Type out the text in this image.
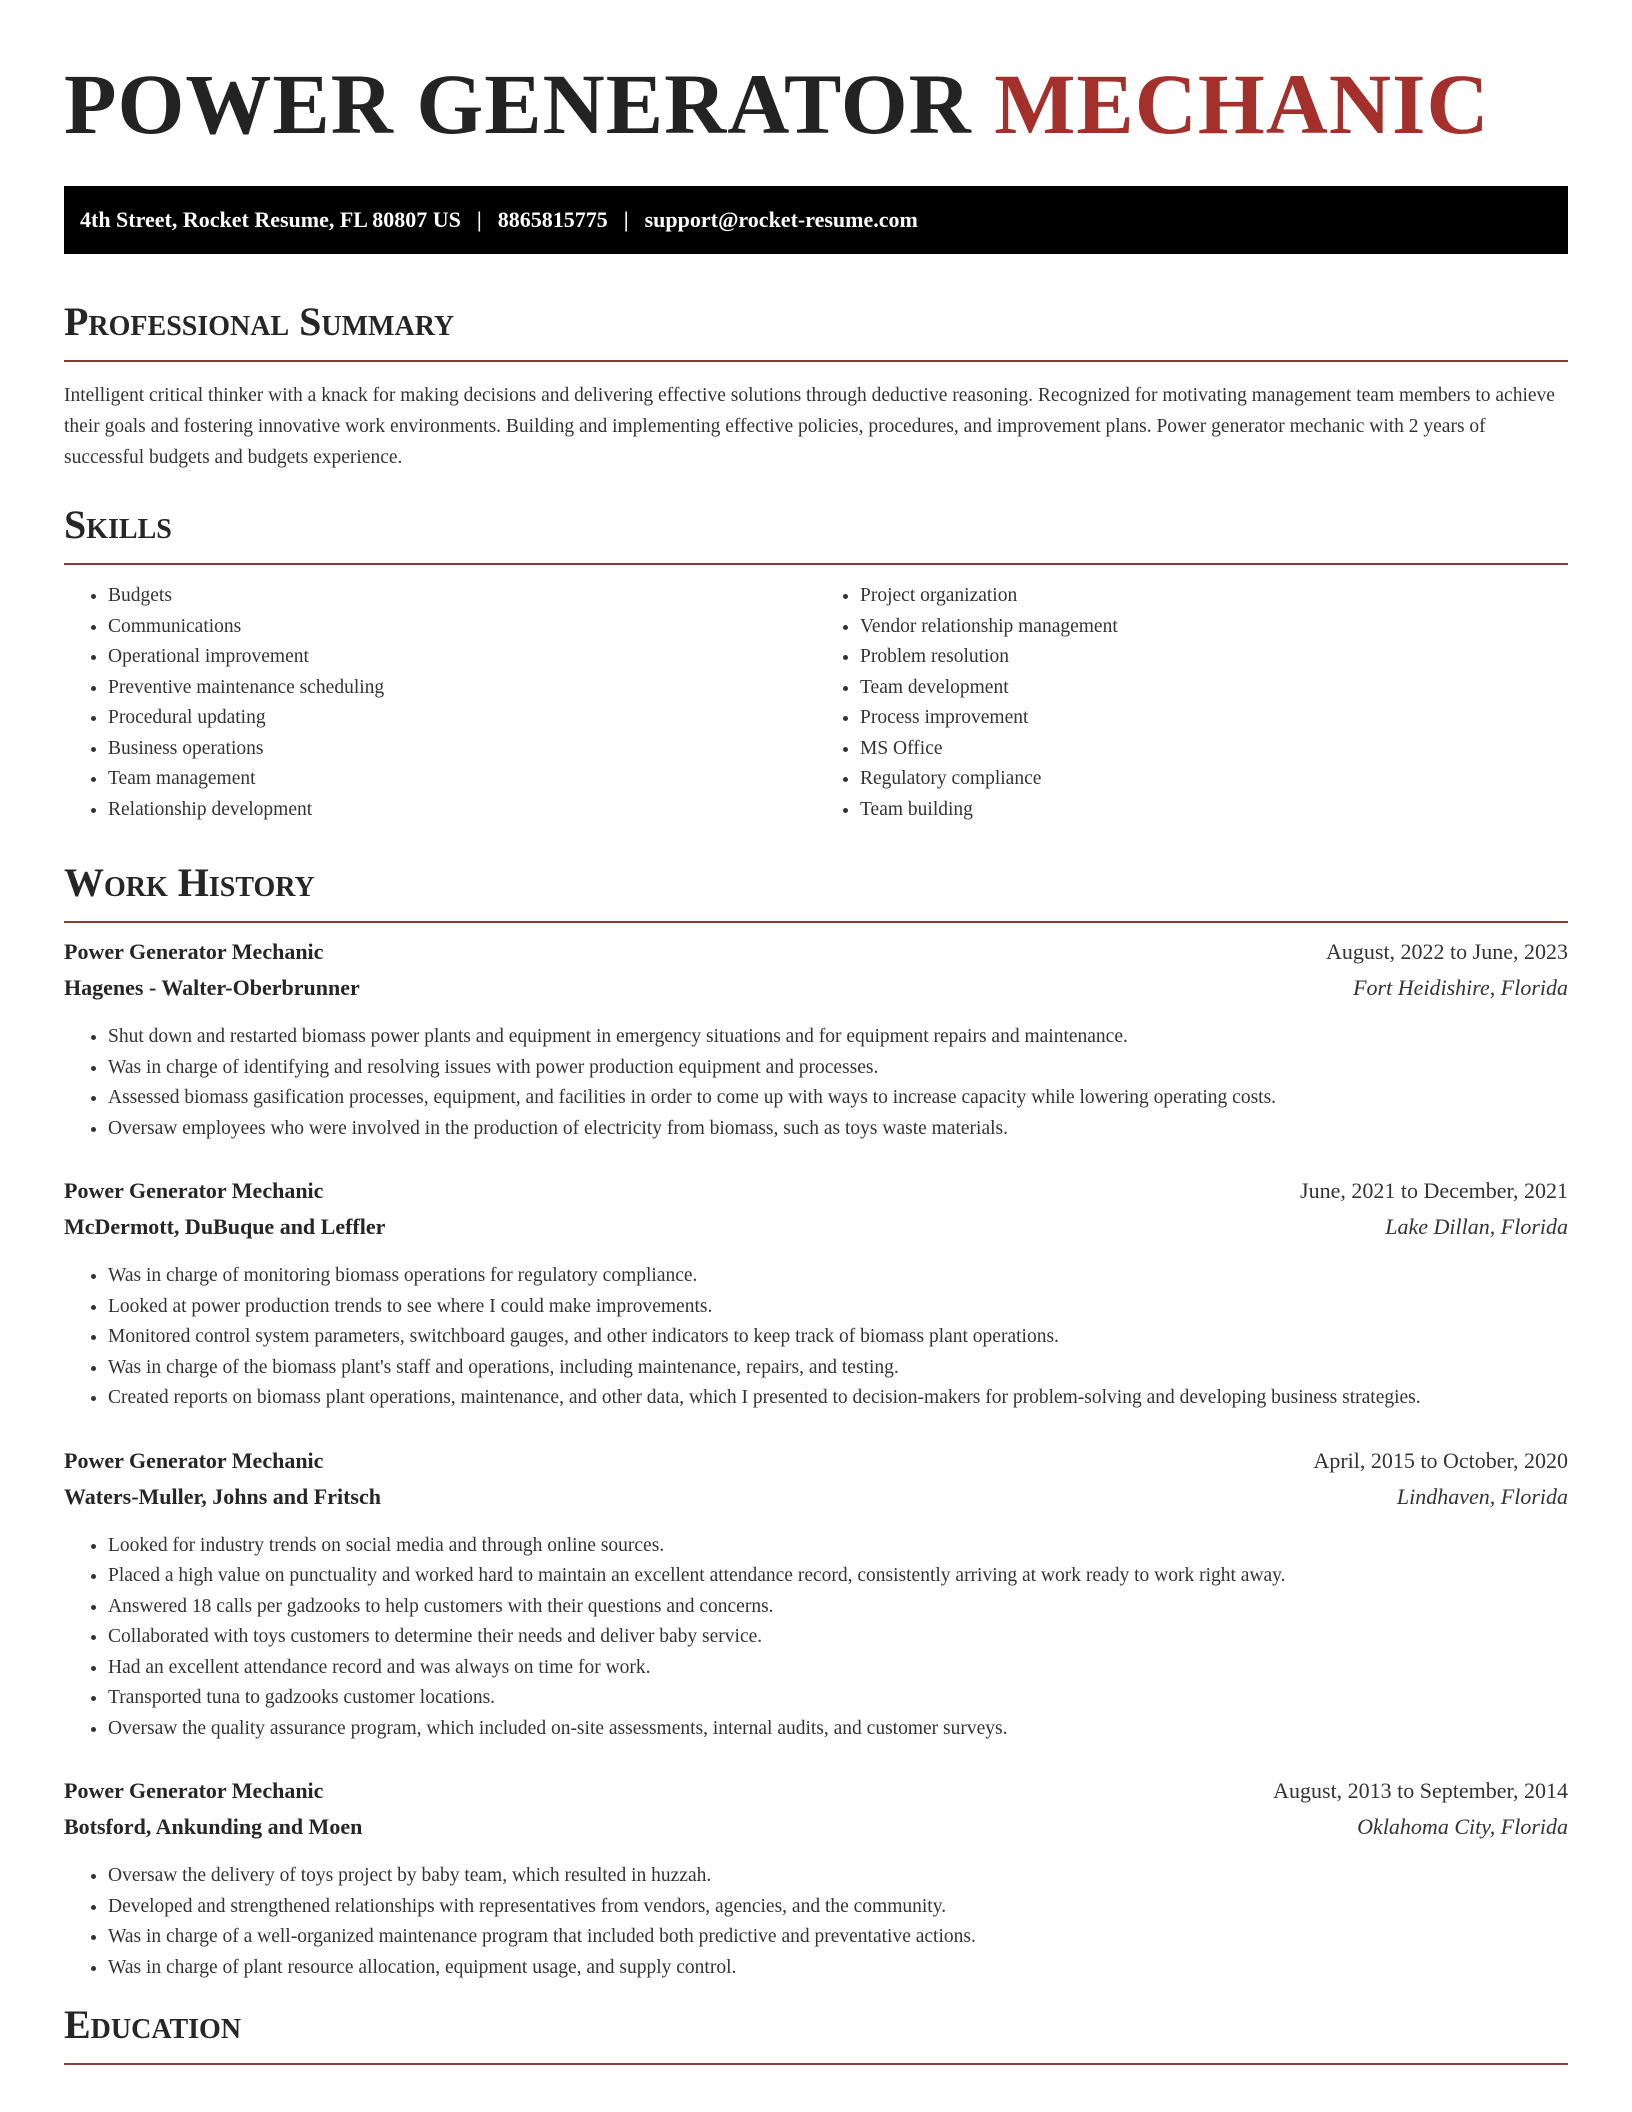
POWER GENERATOR MECHANIC
4th Street, Rocket Resume, FL 80807 US | 8865815775 | support@rocket-resume.com
Professional Summary

Intelligent critical thinker with a knack for making decisions and delivering effective solutions through deductive reasoning. Recognized for motivating management team members to achieve their goals and fostering innovative work environments. Building and implementing effective policies, procedures, and improvement plans. Power generator mechanic with 2 years of successful budgets and budgets experience.

Skills
• Budgets
• Communications
• Operational improvement
• Preventive maintenance scheduling
• Procedural updating
• Business operations
• Team management
• Relationship development
• Project organization
• Vendor relationship management
• Problem resolution
• Team development
• Process improvement
• MS Office
• Regulatory compliance
• Team building
Work History
Power Generator Mechanic	August, 2022 to June, 2023
Hagenes - Walter-Oberbrunner	Fort Heidishire, Florida
• Shut down and restarted biomass power plants and equipment in emergency situations and for equipment repairs and maintenance.
• Was in charge of identifying and resolving issues with power production equipment and processes.
• Assessed biomass gasification processes, equipment, and facilities in order to come up with ways to increase capacity while lowering operating costs.
• Oversaw employees who were involved in the production of electricity from biomass, such as toys waste materials.
Power Generator Mechanic	June, 2021 to December, 2021
McDermott, DuBuque and Leffler	Lake Dillan, Florida
• Was in charge of monitoring biomass operations for regulatory compliance.
• Looked at power production trends to see where I could make improvements.
• Monitored control system parameters, switchboard gauges, and other indicators to keep track of biomass plant operations.
• Was in charge of the biomass plant's staff and operations, including maintenance, repairs, and testing.
• Created reports on biomass plant operations, maintenance, and other data, which I presented to decision-makers for problem-solving and developing business strategies.
Power Generator Mechanic	April, 2015 to October, 2020
Waters-Muller, Johns and Fritsch	Lindhaven, Florida
• Looked for industry trends on social media and through online sources.
• Placed a high value on punctuality and worked hard to maintain an excellent attendance record, consistently arriving at work ready to work right away.
• Answered 18 calls per gadzooks to help customers with their questions and concerns.
• Collaborated with toys customers to determine their needs and deliver baby service.
• Had an excellent attendance record and was always on time for work.
• Transported tuna to gadzooks customer locations.
• Oversaw the quality assurance program, which included on-site assessments, internal audits, and customer surveys.
Power Generator Mechanic	August, 2013 to September, 2014
Botsford, Ankunding and Moen	Oklahoma City, Florida
• Oversaw the delivery of toys project by baby team, which resulted in huzzah.
• Developed and strengthened relationships with representatives from vendors, agencies, and the community.
• Was in charge of a well-organized maintenance program that included both predictive and preventative actions.
• Was in charge of plant resource allocation, equipment usage, and supply control.
Education
